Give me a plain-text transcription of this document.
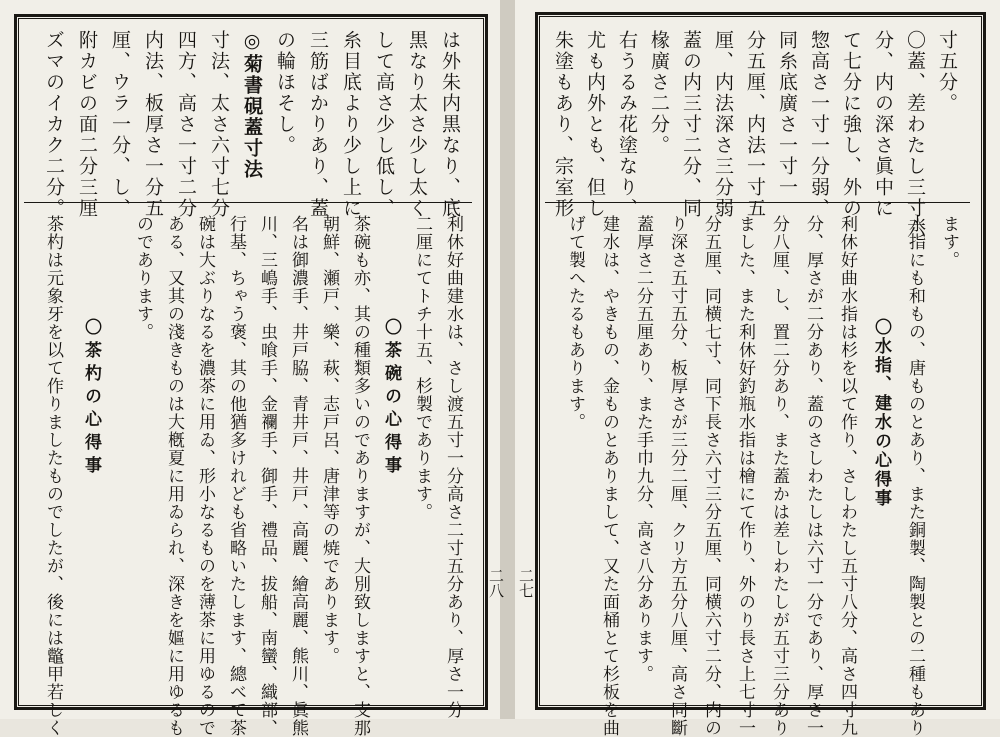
二八 二七
は外朱内黒なり、底
黒なり太さ少し太く
して高さ少し低し、
糸目底より少し上に
三筋ばかりあり、蓋
の輪ほそし。
◎菊書硯蓋寸法
寸法、太さ六寸七分
四方、高さ一寸二分
内法、板厚さ一分五
厘、ウラ一分、し、
附カビの面二分三厘
ズマのイカク二分。
利休好曲建水は、さし渡五寸一分高さ二寸五分あり、厚さ一分
二厘にてトチ十五、杉製であります。
〇茶碗の心得事
茶碗も亦、其の種類多いのでありますが、大別致しますと、支那
朝鮮、瀬戸、樂、萩、志戸呂、唐津等の焼であります。
名は御濃手、井戸脇、青井戸、井戸、高麗、繪高麗、熊川、眞熊
川、三嶋手、虫喰手、金襴手、御手、禮品、拔船、南蠻、織部、
行基、ちゃう褒、其の他猶多けれども省略いたします、總べて茶
碗は大ぶりなるを濃茶に用ゐ、形小なるものを薄茶に用ゆるので
ある、又其の淺きものは大槪夏に用ゐられ、深きを嫗に用ゆるも
のであります。
〇茶杓の心得事
茶杓は元象牙を以て作りましたものでしたが、後には鼈甲若しく
寸五分。
〇蓋、差わたし三寸六
分、内の深さ眞中に
て七分に強し、外の
惣高さ一寸一分弱、
同糸底廣さ一寸一
分五厘、内法一寸五
厘、内法深さ三分弱
蓋の内三寸二分、同
椽廣さ二分。
右うるみ花塗なり、
尤も内外とも、但し
朱塗もあり、宗室形
ます。
水指にも和もの、唐ものとあり、また銅製、陶製との二種もあり
〇水指、建水の心得事
利休好曲水指は杉を以て作り、さしわたし五寸八分、高さ四寸九
分、厚さが二分あり、蓋のさしわたしは六寸一分であり、厚さ一
分八厘、し、置二分あり、また蓋かは差しわたしが五寸三分あり
ました、また利休好釣瓶水指は檜にて作り、外のり長さ上七寸一
分五厘、同横七寸、同下長さ六寸三分五厘、同横六寸二分、内の
り深さ五寸五分、板厚さが三分二厘、クリ方五分八厘、高さ同斷
蓋厚さ二分五厘あり、また手巾九分、高さ八分あります。
建水は、やきもの、金ものとありまして、又た面桶とて杉板を曲
げて製へたるもあります。
